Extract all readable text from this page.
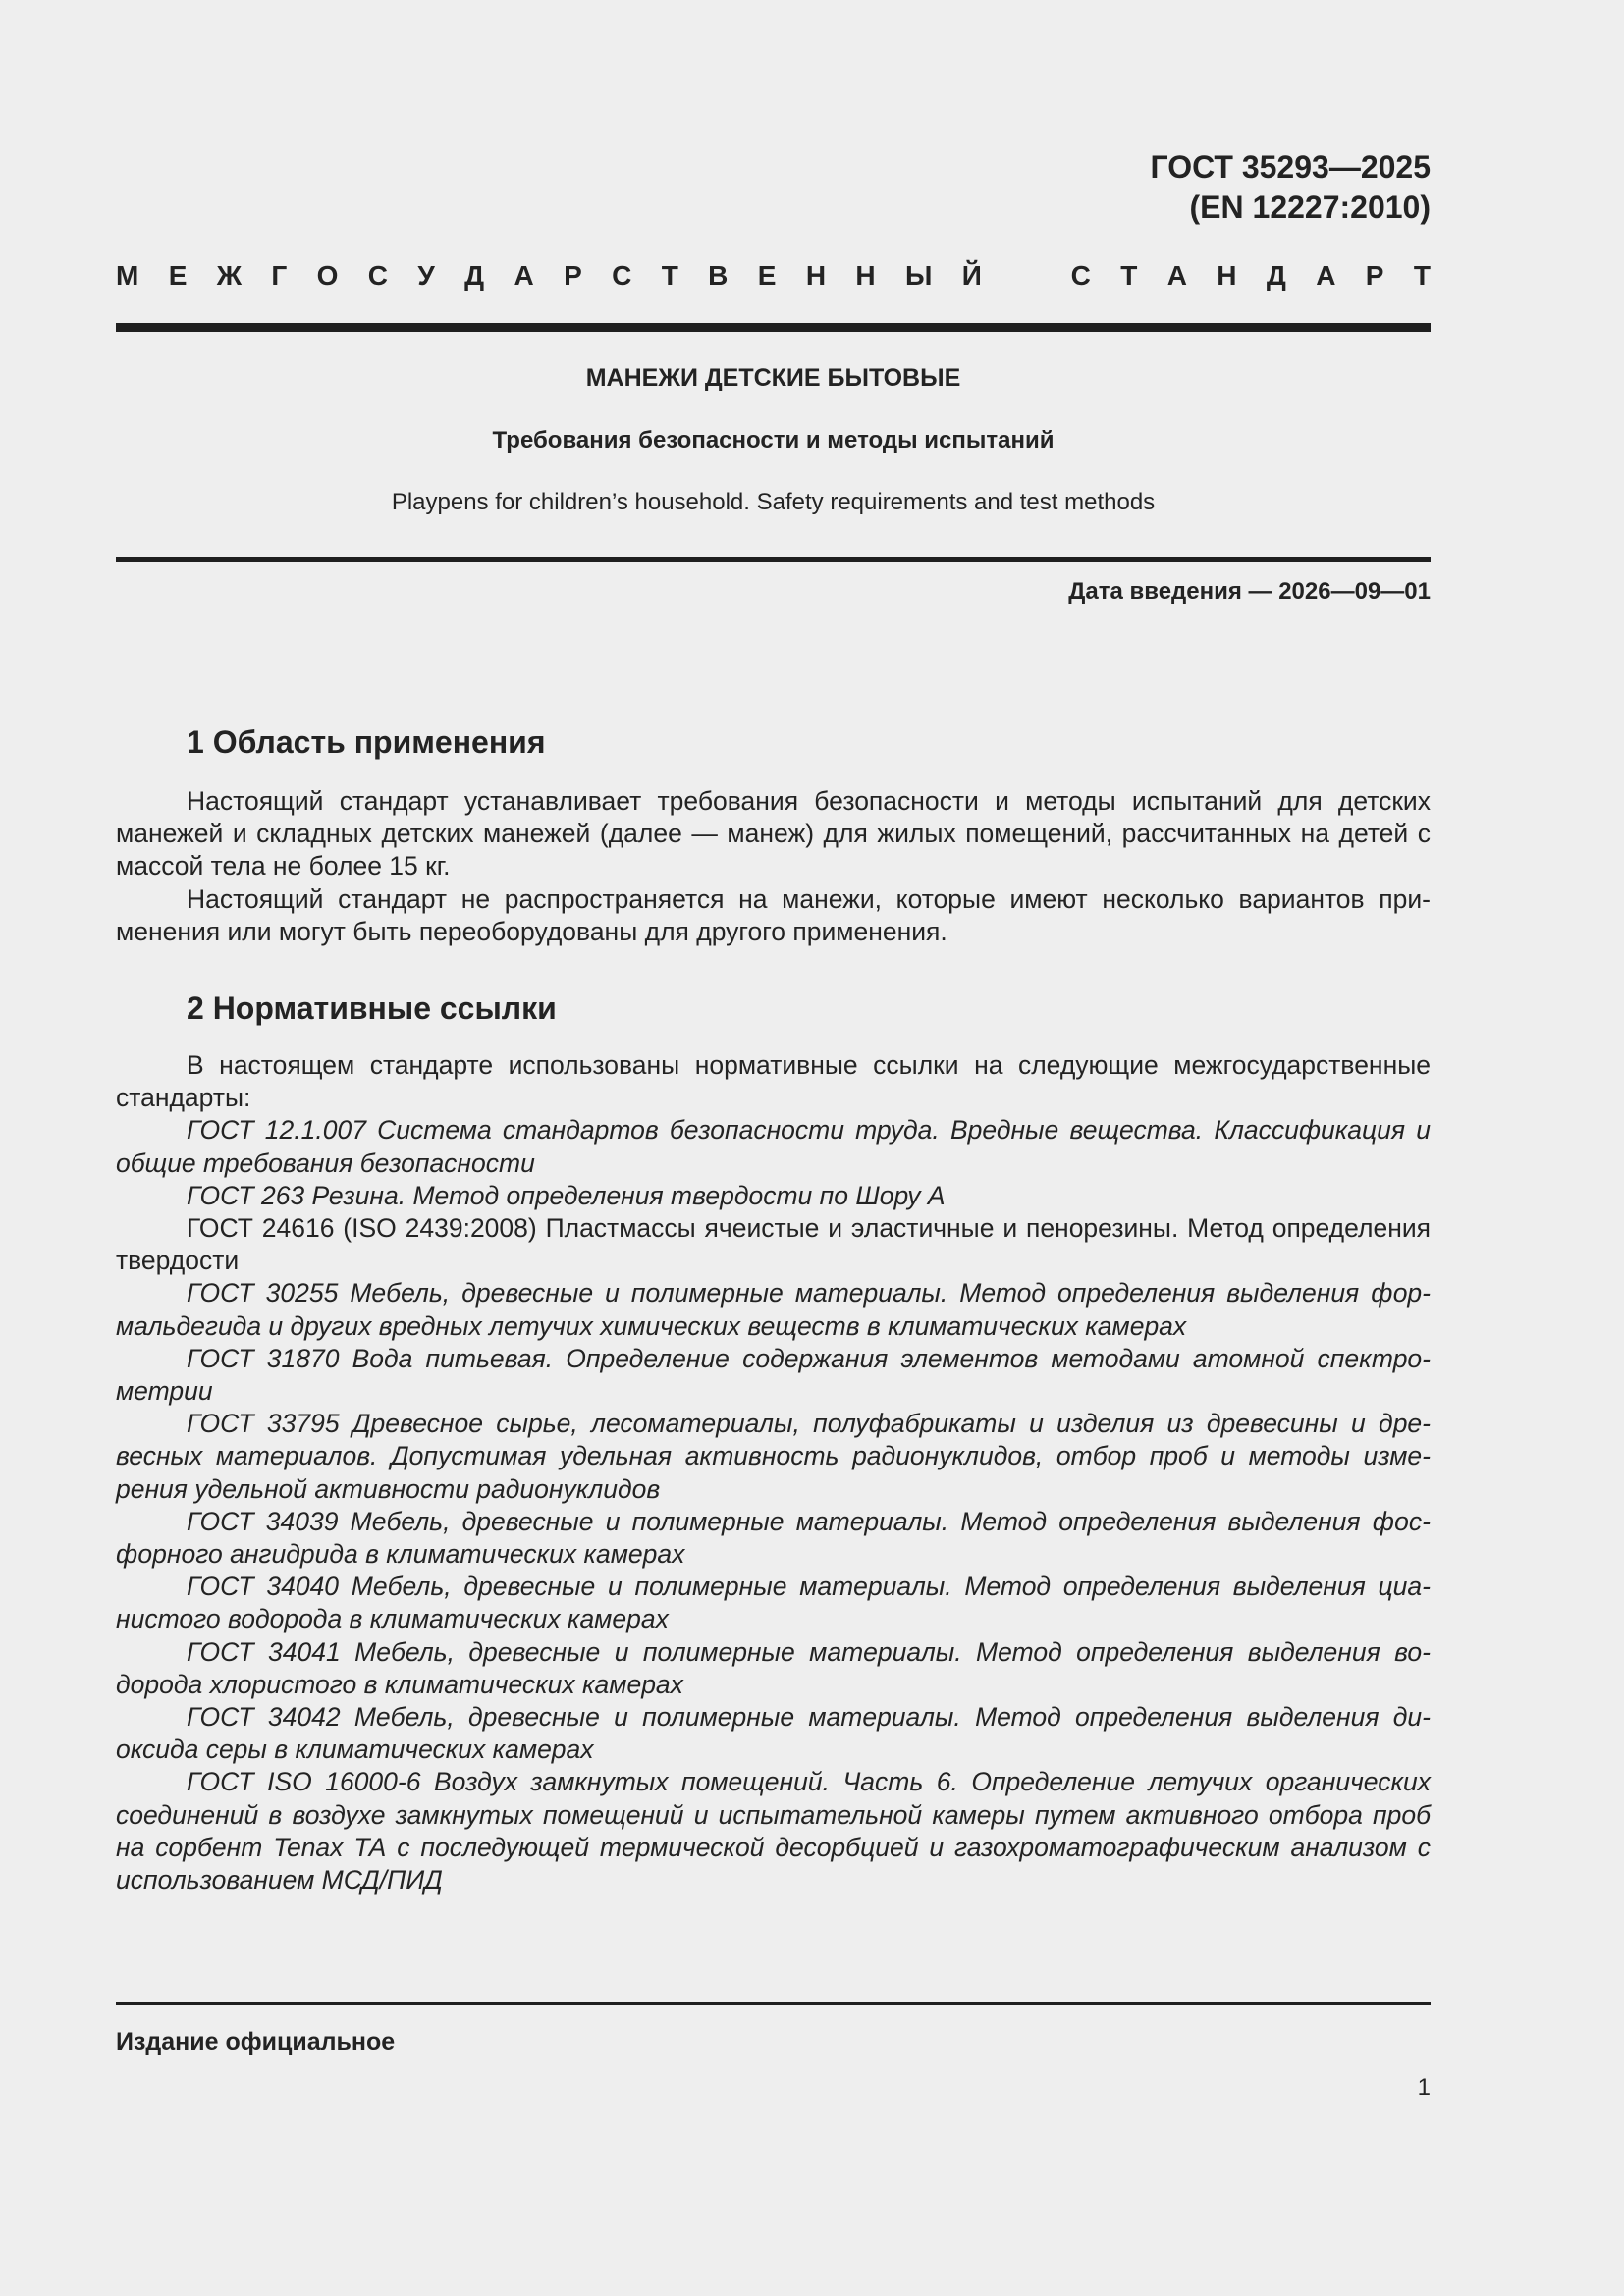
ГОСТ 35293—2025
(EN 12227:2010)
М Е Ж Г О С У Д А Р С Т В Е Н Н Ы Й	С Т А Н Д А Р Т
МАНЕЖИ ДЕТСКИЕ БЫТОВЫЕ
Требования безопасности и методы испытаний
Playpens for children’s household. Safety requirements and test methods
Дата введения — 2026—09—01
1 Область применения

Настоящий стандарт устанавливает требования безопасности и методы испытаний для детских манежей и складных детских манежей (далее — манеж) для жилых помещений, рассчитанных на детей с массой тела не более 15 кг.

Настоящий стандарт не распространяется на манежи, которые имеют несколько вариантов применения или могут быть переоборудованы для другого применения.

2 Нормативные ссылки

В настоящем стандарте использованы нормативные ссылки на следующие межгосударственные стандарты:

ГОСТ 12.1.007 Система стандартов безопасности труда. Вредные вещества. Классификация и общие требования безопасности

ГОСТ 263 Резина. Метод определения твердости по Шору А

ГОСТ 24616 (ISO 2439:2008) Пластмассы ячеистые и эластичные и пенорезины. Метод определения твердости

ГОСТ 30255 Мебель, древесные и полимерные материалы. Метод определения выделения формальдегида и других вредных летучих химических веществ в климатических камерах

ГОСТ 31870 Вода питьевая. Определение содержания элементов методами атомной спектрометрии

ГОСТ 33795 Древесное сырье, лесоматериалы, полуфабрикаты и изделия из древесины и древесных материалов. Допустимая удельная активность радионуклидов, отбор проб и методы измерения удельной активности радионуклидов

ГОСТ 34039 Мебель, древесные и полимерные материалы. Метод определения выделения фосфорного ангидрида в климатических камерах

ГОСТ 34040 Мебель, древесные и полимерные материалы. Метод определения выделения цианистого водорода в климатических камерах

ГОСТ 34041 Мебель, древесные и полимерные материалы. Метод определения выделения водорода хлористого в климатических камерах

ГОСТ 34042 Мебель, древесные и полимерные материалы. Метод определения выделения диоксида серы в климатических камерах

ГОСТ ISO 16000-6 Воздух замкнутых помещений. Часть 6. Определение летучих органических соединений в воздухе замкнутых помещений и испытательной камеры путем активного отбора проб на сорбент Tenax ТА с последующей термической десорбцией и газохроматографическим анализом с использованием МСД/ПИД

Издание официальное
1
